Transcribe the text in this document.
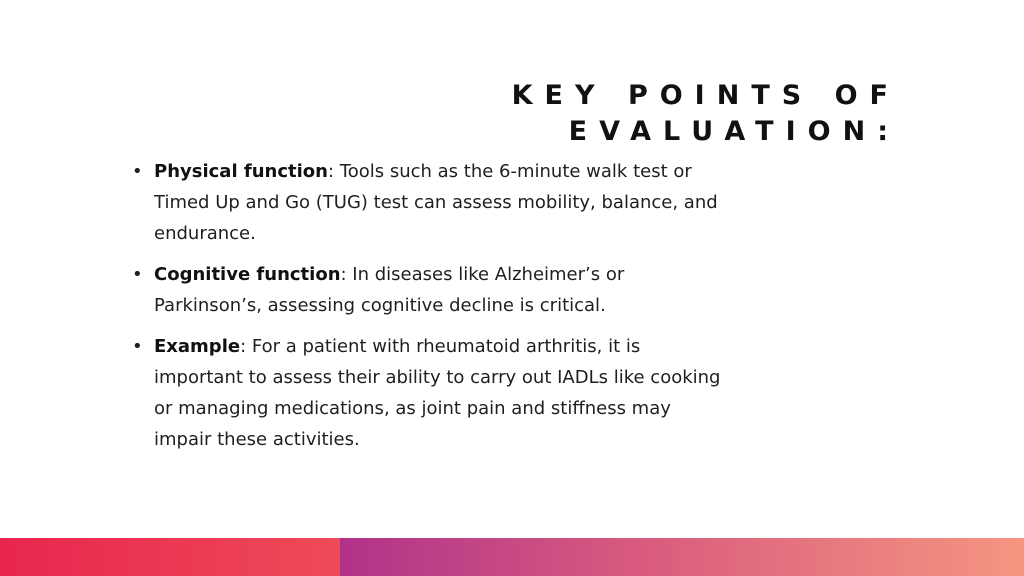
KEY POINTS OF
EVALUATION:
• Physical function: Tools such as the 6-minute walk test or Timed Up and Go (TUG) test can assess mobility, balance, and endurance.
• Cognitive function: In diseases like Alzheimer’s or Parkinson’s, assessing cognitive decline is critical.
• Example: For a patient with rheumatoid arthritis, it is important to assess their ability to carry out IADLs like cooking or managing medications, as joint pain and stiffness may impair these activities.
